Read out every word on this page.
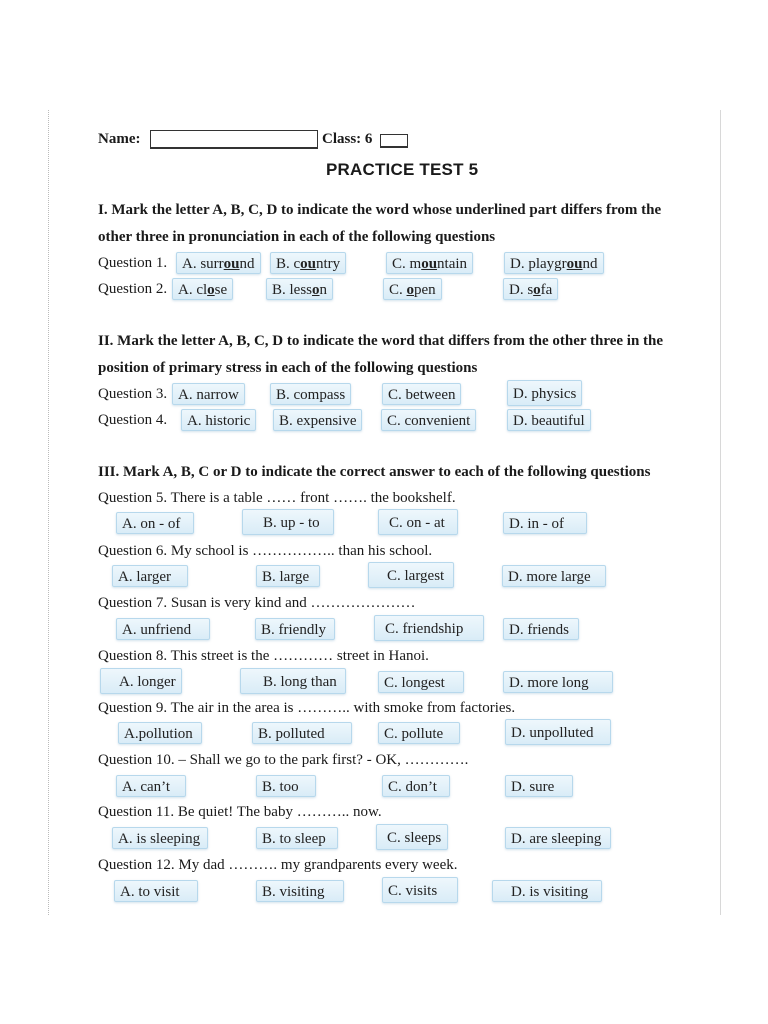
Name:	Class: 6
PRACTICE TEST 5
I. Mark the letter A, B, C, D to indicate the word whose underlined part differs from the
other three in pronunciation in each of the following questions
Question 1. A. surround	B. country	C. mountain	D. playground
Question 2. A. close	B. lesson	C. open	D. sofa
II. Mark the letter A, B, C, D to indicate the word that differs from the other three in the
position of primary stress in each of the following questions
Question 3. A. narrow	B. compass	C. between	D. physics
Question 4.	A. historic	B. expensive	C. convenient	D. beautiful
III. Mark A, B, C or D to indicate the correct answer to each of the following questions
Question 5. There is a table …… front ……. the bookshelf.
A. on - of	B. up - to	C. on - at	D. in - of
Question 6. My school is …………….. than his school.
A. larger	B. large	C. largest	D. more large
Question 7. Susan is very kind and …………………
A. unfriend	B. friendly	C. friendship	D. friends
Question 8. This street is the ………… street in Hanoi.
A. longer	B. long than	C. longest	D. more long
Question 9. The air in the area is ……….. with smoke from factories.
A.pollution	B. polluted	C. pollute	D. unpolluted
Question 10. – Shall we go to the park first? - OK, ………….
A. can’t	B. too	C. don’t	D. sure
Question 11. Be quiet! The baby ……….. now.
A. is sleeping	B. to sleep	C. sleeps	D. are sleeping
Question 12. My dad ………. my grandparents every week.
A. to visit	B. visiting	C. visits	D. is visiting
